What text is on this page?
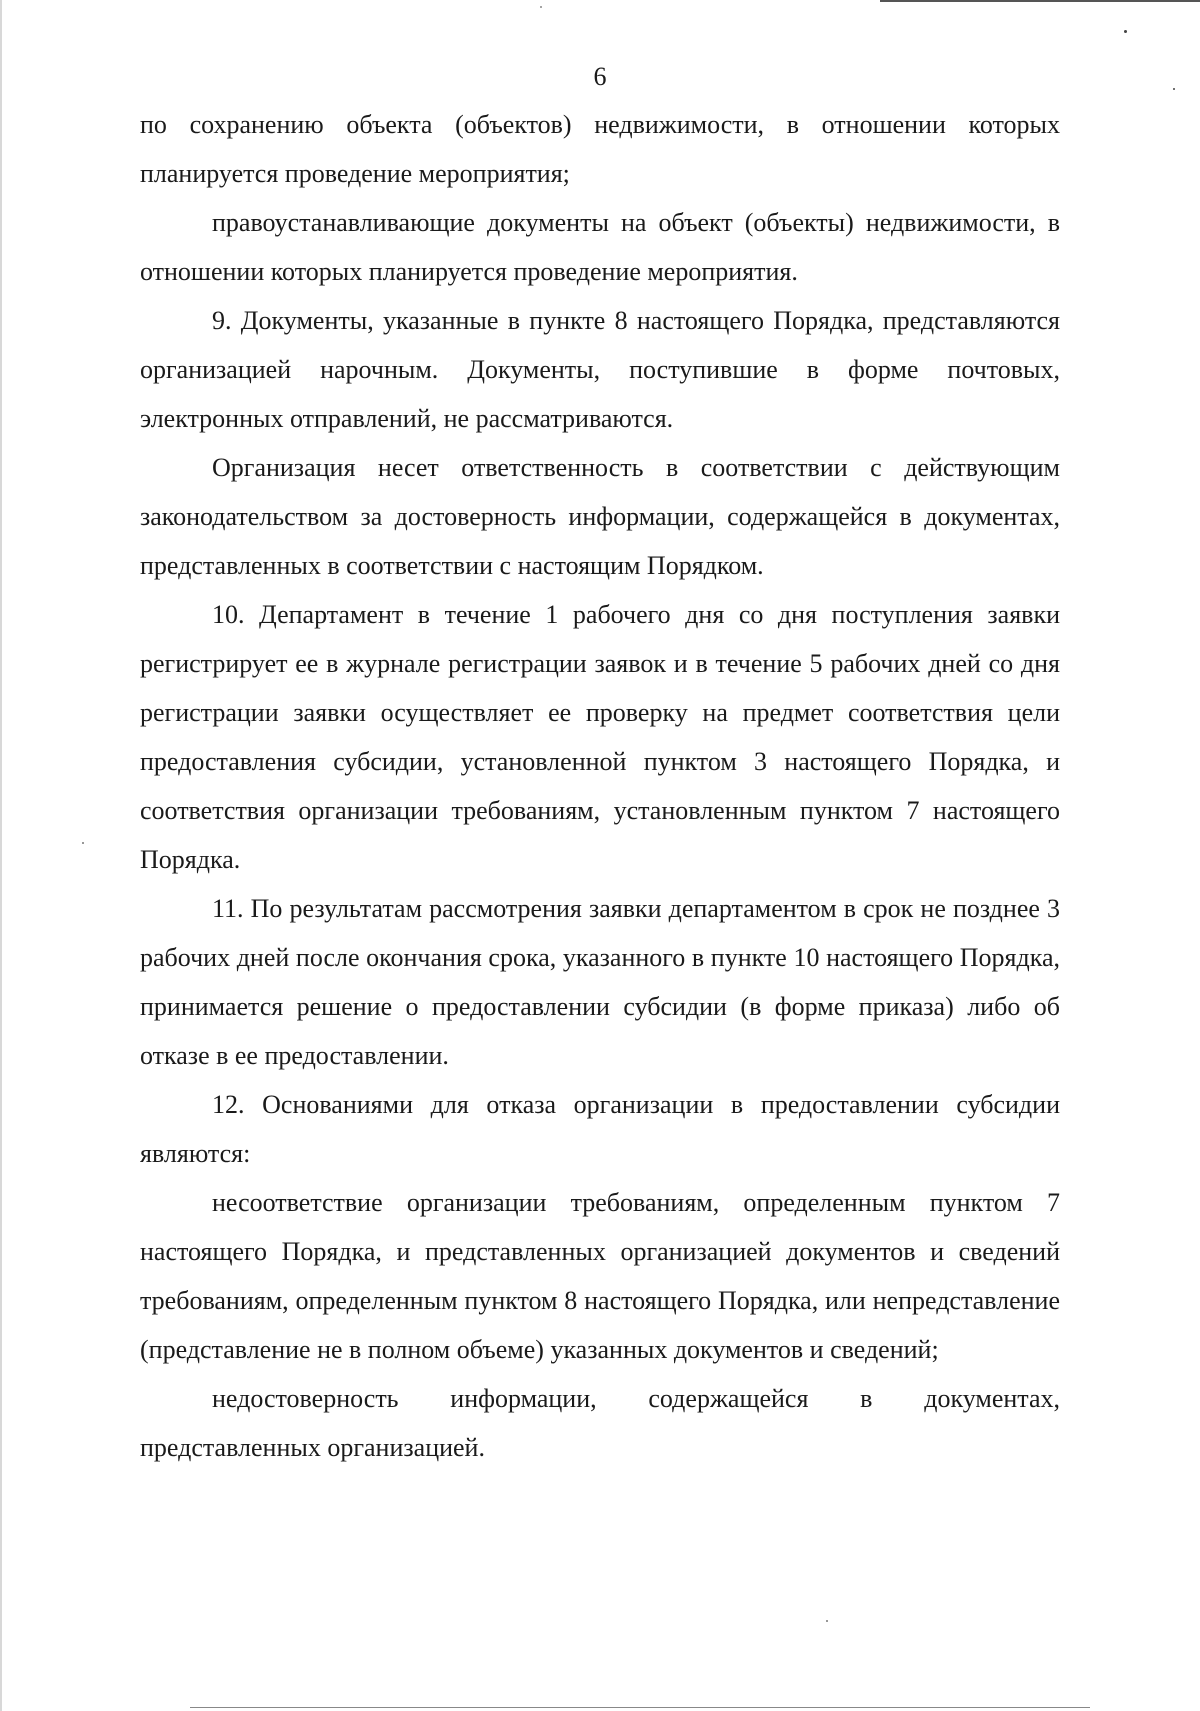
6

по сохранению объекта (объектов) недвижимости, в отношении которых планируется проведение мероприятия;

правоустанавливающие документы на объект (объекты) недвижимости, в отношении которых планируется проведение мероприятия.

9. Документы, указанные в пункте 8 настоящего Порядка, представляются организацией нарочным. Документы, поступившие в форме почтовых, электронных отправлений, не рассматриваются.

Организация несет ответственность в соответствии с действующим законодательством за достоверность информации, содержащейся в документах, представленных в соответствии с настоящим Порядком.

10. Департамент в течение 1 рабочего дня со дня поступления заявки регистрирует ее в журнале регистрации заявок и в течение 5 рабочих дней со дня регистрации заявки осуществляет ее проверку на предмет соответствия цели предоставления субсидии, установленной пунктом 3 настоящего Порядка, и соответствия организации требованиям, установленным пунктом 7 настоящего Порядка.

11. По результатам рассмотрения заявки департаментом в срок не позднее 3 рабочих дней после окончания срока, указанного в пункте 10 настоящего Порядка, принимается решение о предоставлении субсидии (в форме приказа) либо об отказе в ее предоставлении.

12. Основаниями для отказа организации в предоставлении субсидии являются:

несоответствие организации требованиям, определенным пунктом 7 настоящего Порядка, и представленных организацией документов и сведений требованиям, определенным пунктом 8 настоящего Порядка, или непредставление (представление не в полном объеме) указанных документов и сведений;

недостоверность информации, содержащейся в документах, представленных организацией.
